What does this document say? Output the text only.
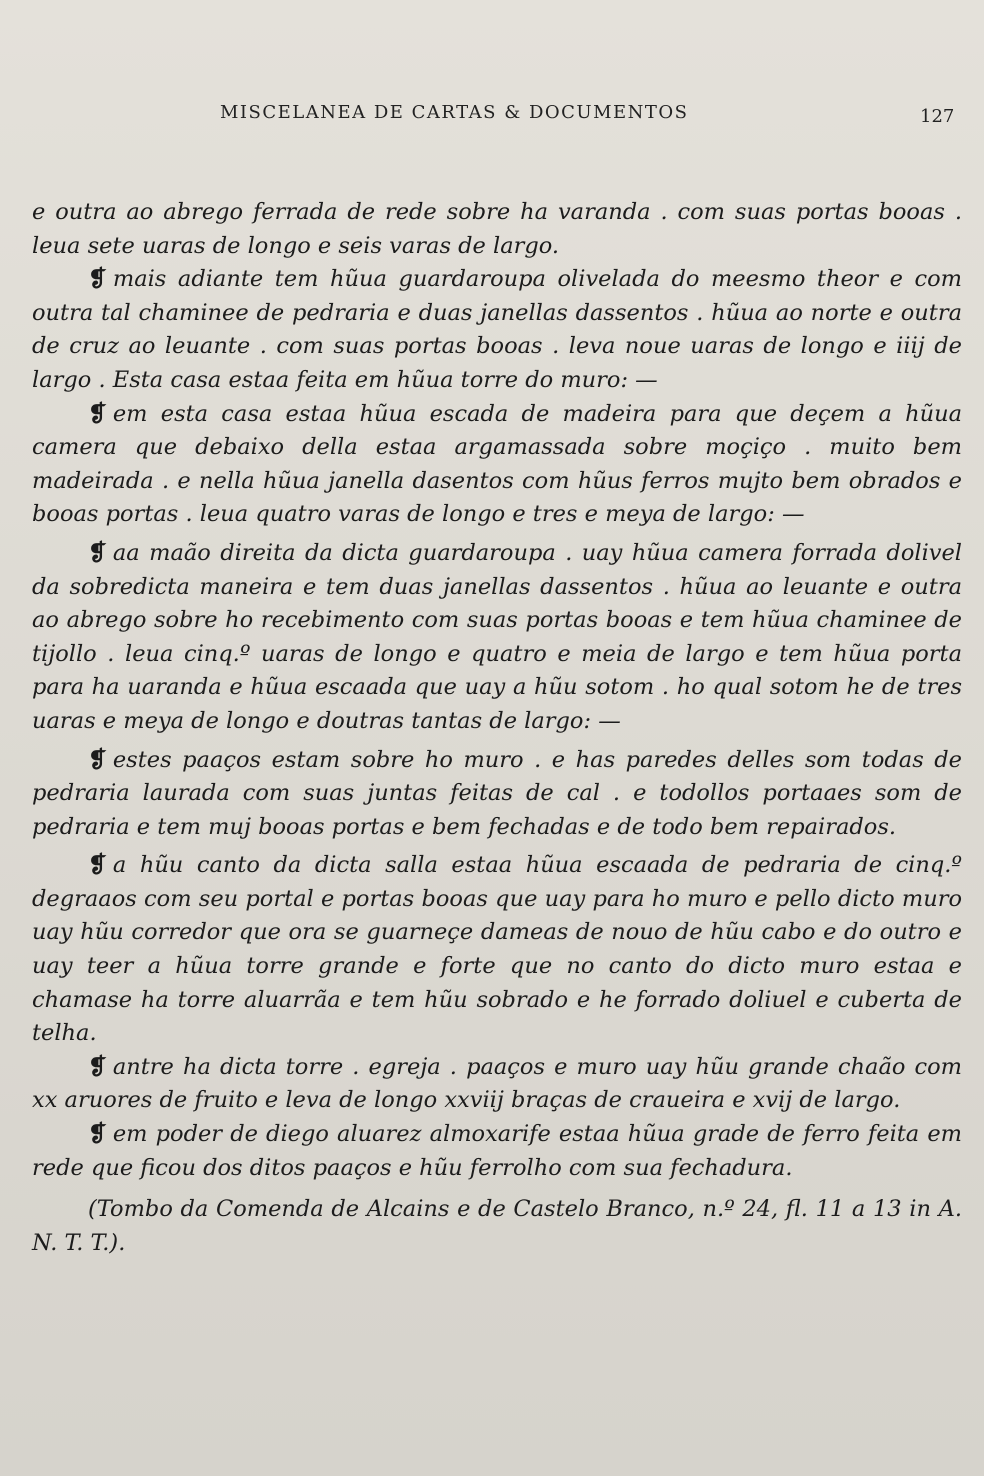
MISCELANEA DE CARTAS & DOCUMENTOS	127

e outra ao abrego ferrada de rede sobre ha varanda . com suas portas booas . leua sete uaras de longo e seis varas de largo.

❡ mais adiante tem hũua guardaroupa olivelada do meesmo theor e com outra tal chaminee de pedraria e duas janellas dassentos . hũua ao norte e outra de cruz ao leuante . com suas portas booas . leva noue uaras de longo e iiij de largo . Esta casa estaa feita em hũua torre do muro: —

❡ em esta casa estaa hũua escada de madeira para que deçem a hũua camera que debaixo della estaa argamassada sobre moçiço . muito bem madeirada . e nella hũua janella dasentos com hũus ferros mujto bem obrados e booas portas . leua quatro varas de longo e tres e meya de largo: —

❡ aa maão direita da dicta guardaroupa . uay hũua camera forrada dolivel da sobredicta maneira e tem duas janellas dassentos . hũua ao leuante e outra ao abrego sobre ho recebimento com suas portas booas e tem hũua chaminee de tijollo . leua cinq.º uaras de longo e quatro e meia de largo e tem hũua porta para ha uaranda e hũua escaada que uay a hũu sotom . ho qual sotom he de tres uaras e meya de longo e doutras tantas de largo: —

❡ estes paaços estam sobre ho muro . e has paredes delles som todas de pedraria laurada com suas juntas feitas de cal . e todollos portaaes som de pedraria e tem muj booas portas e bem fechadas e de todo bem repairados.

❡ a hũu canto da dicta salla estaa hũua escaada de pedraria de cinq.º degraaos com seu portal e portas booas que uay para ho muro e pello dicto muro uay hũu corredor que ora se guarneçe dameas de nouo de hũu cabo e do outro e uay teer a hũua torre grande e forte que no canto do dicto muro estaa e chamase ha torre aluarrãa e tem hũu sobrado e he forrado doliuel e cuberta de telha.

❡ antre ha dicta torre . egreja . paaços e muro uay hũu grande chaão com xx aruores de fruito e leva de longo xxviij braças de craueira e xvij de largo.

❡ em poder de diego aluarez almoxarife estaa hũua grade de ferro feita em rede que ficou dos ditos paaços e hũu ferrolho com sua fechadura.

(Tombo da Comenda de Alcains e de Castelo Branco, n.º 24, fl. 11 a 13 in A. N. T. T.).
